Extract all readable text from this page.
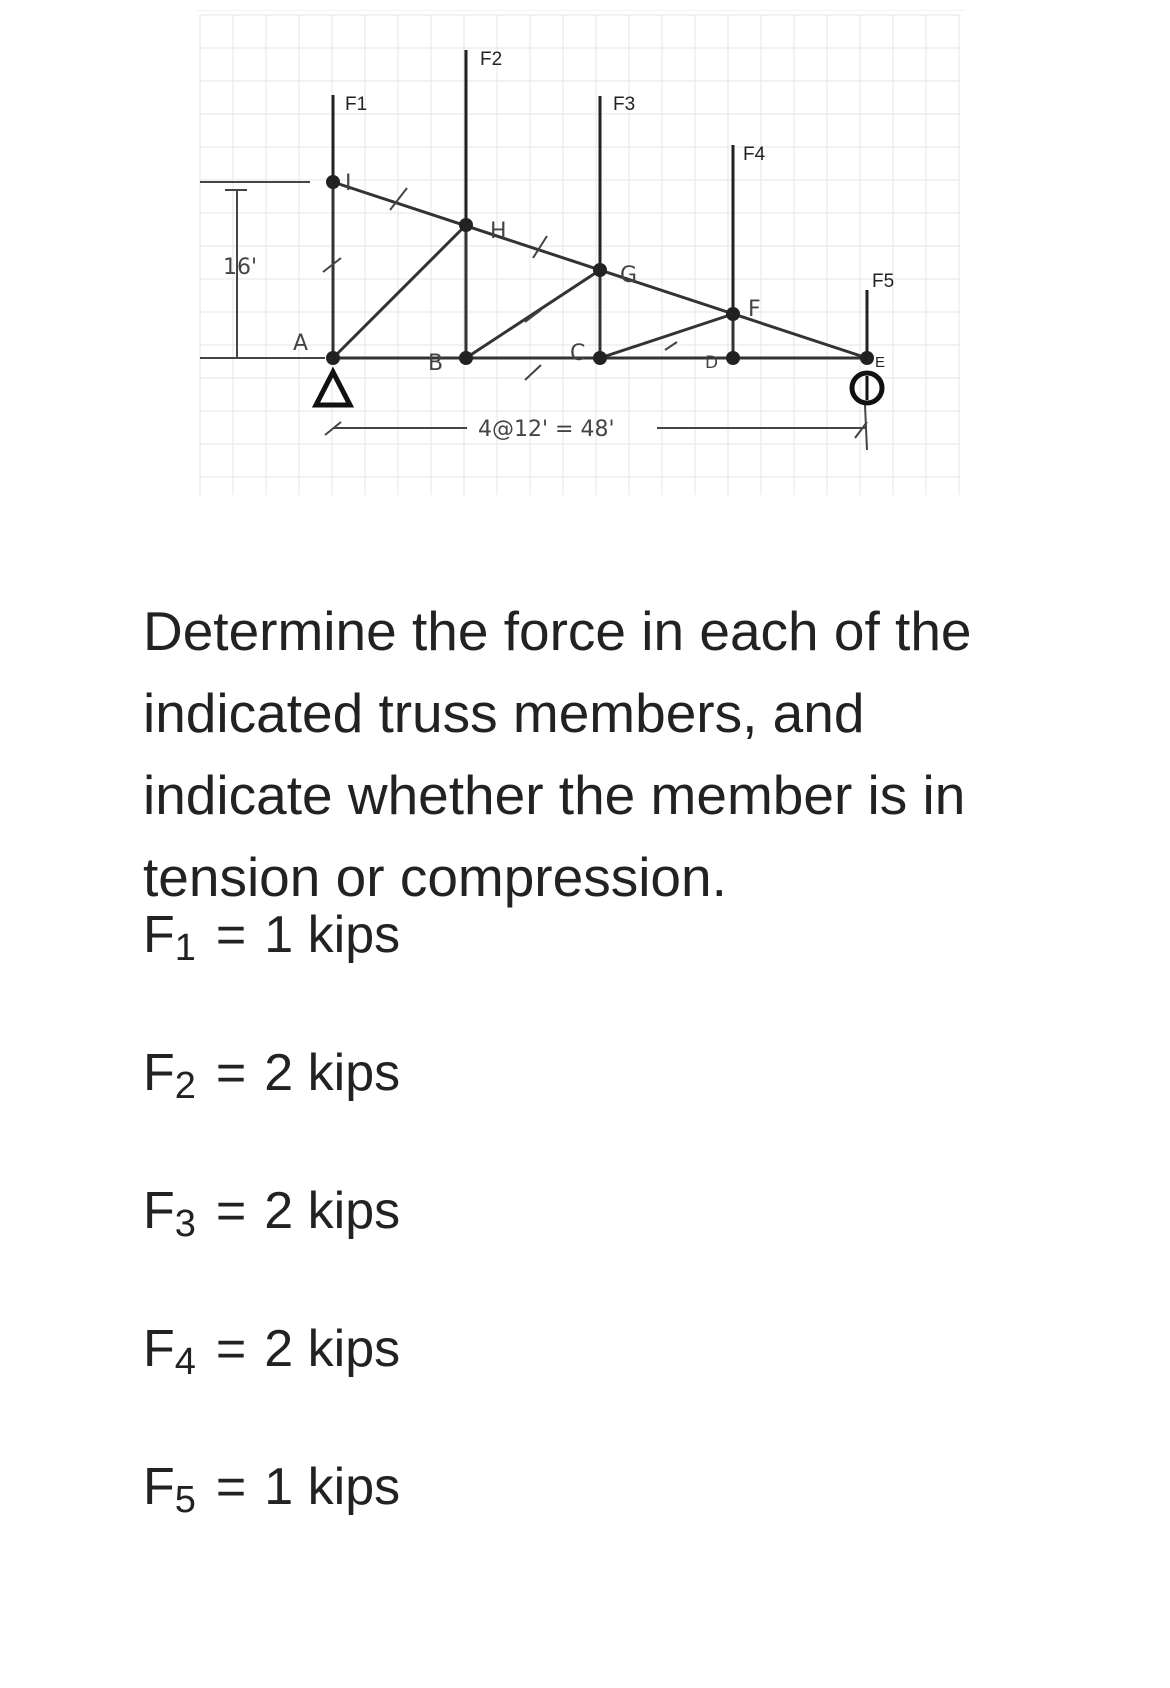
16'
F1
F2
F3
F4
F5
I
H
G
F
A
B	C	D	E
4@12' = 48'

Determine the force in each of the indicated truss members, and indicate whether the member is in tension or compression.

$F_1 = 1$ kips
$F_2 = 2$ kips
$F_3 = 2$ kips
$F_4 = 2$ kips
$F_5 = 1$ kips
